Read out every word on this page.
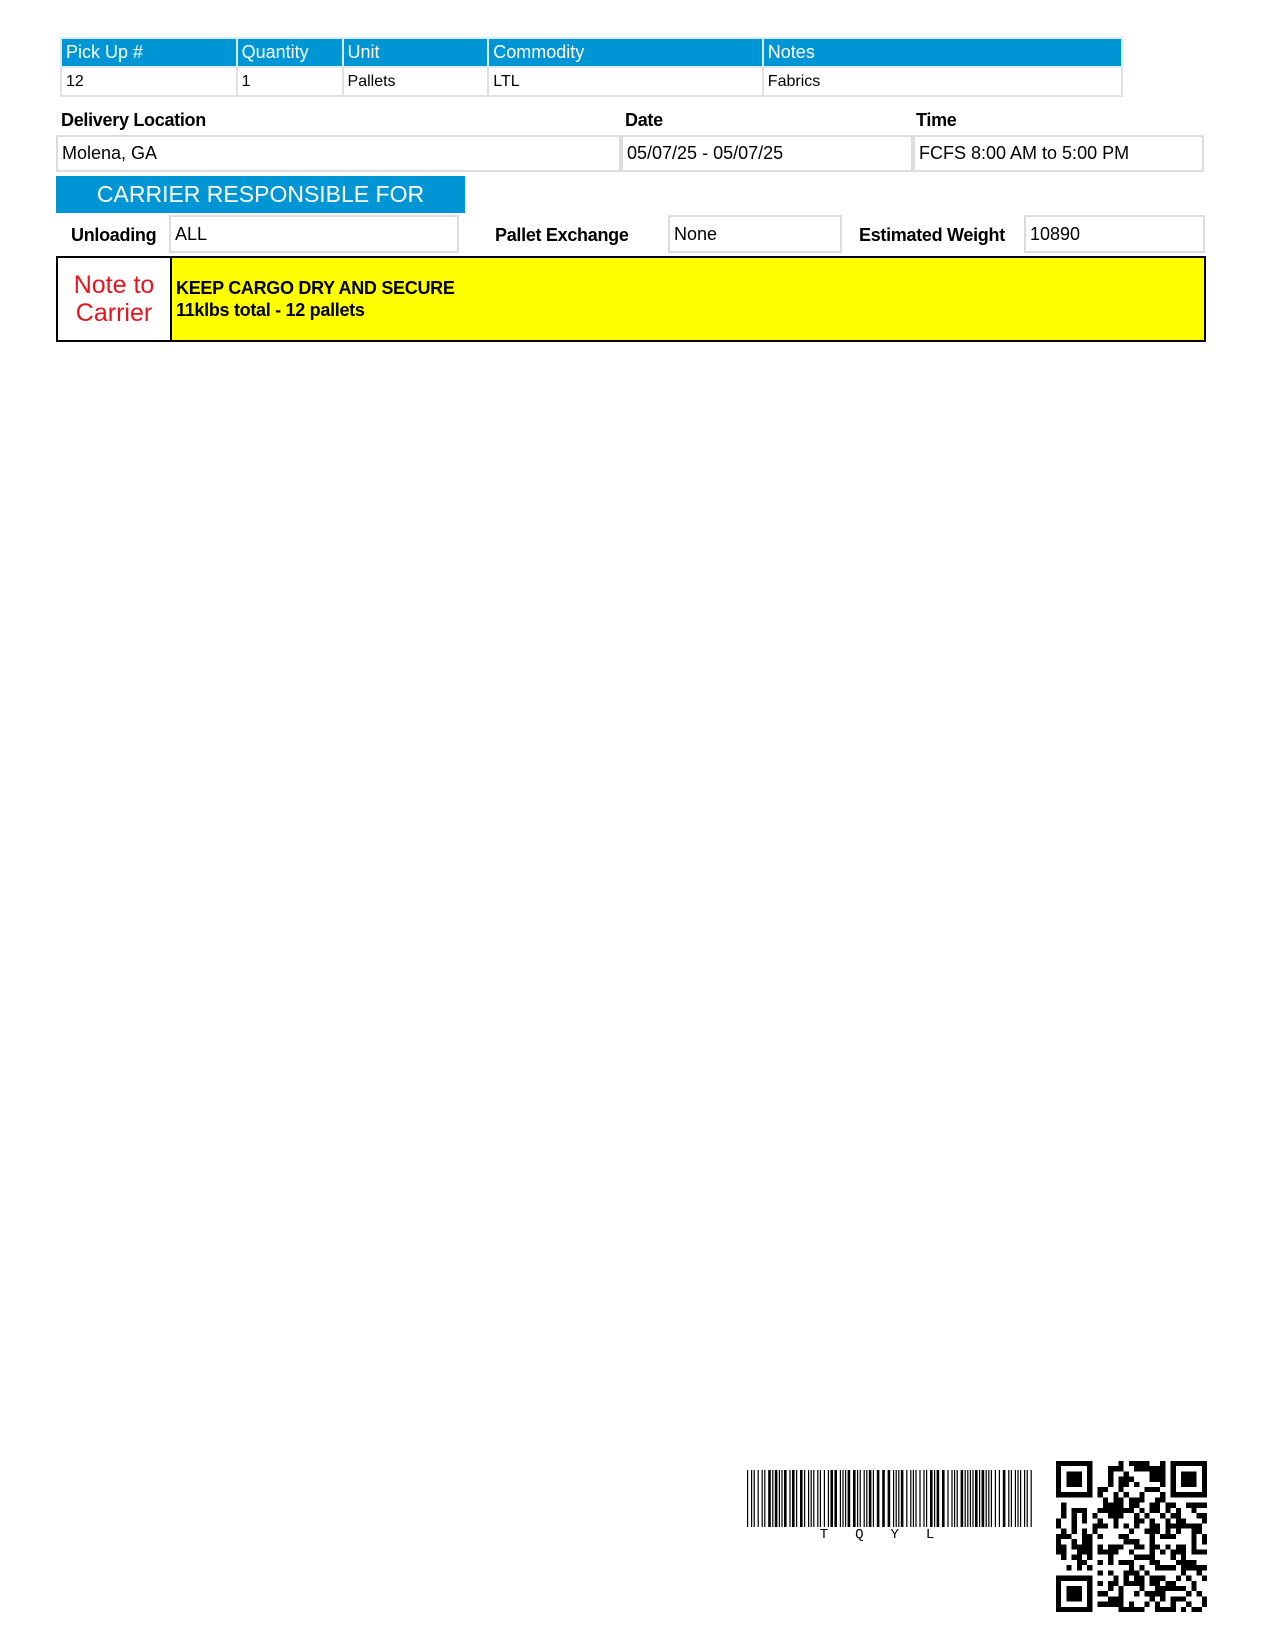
Pick Up #	Quantity	Unit	Commodity	Notes
12	1	Pallets	LTL	Fabrics
Delivery Location	Date	Time
Molena, GA	05/07/25 - 05/07/25	FCFS 8:00 AM to 5:00 PM
CARRIER RESPONSIBLE FOR
Unloading	ALL	Pallet Exchange	None	Estimated Weight	10890
Note to
Carrier
KEEP CARGO DRY AND SECURE
11klbs total - 12 pallets
TQYL
